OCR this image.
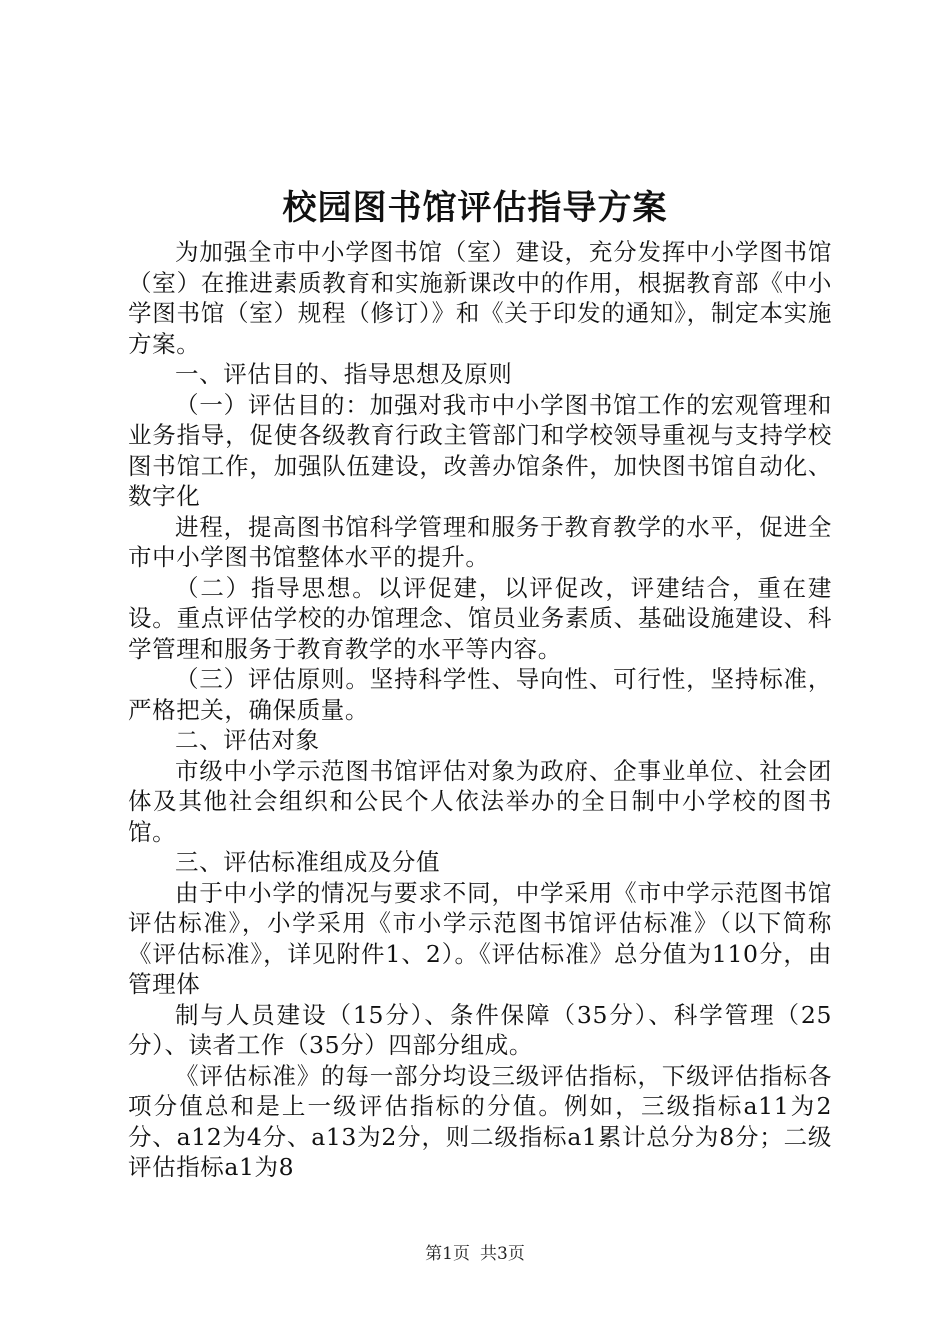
校园图书馆评估指导方案

为加强全市中小学图书馆（室）建设，充分发挥中小学图书馆（室）在推进素质教育和实施新课改中的作用，根据教育部《中小学图书馆（室）规程（修订）》和《关于印发的通知》，制定本实施方案。

一、评估目的、指导思想及原则

（一）评估目的：加强对我市中小学图书馆工作的宏观管理和业务指导，促使各级教育行政主管部门和学校领导重视与支持学校图书馆工作，加强队伍建设，改善办馆条件，加快图书馆自动化、数字化

进程，提高图书馆科学管理和服务于教育教学的水平，促进全市中小学图书馆整体水平的提升。

（二）指导思想。以评促建，以评促改，评建结合，重在建设。重点评估学校的办馆理念、馆员业务素质、基础设施建设、科学管理和服务于教育教学的水平等内容。

（三）评估原则。坚持科学性、导向性、可行性，坚持标准，严格把关，确保质量。

二、评估对象

市级中小学示范图书馆评估对象为政府、企事业单位、社会团体及其他社会组织和公民个人依法举办的全日制中小学校的图书馆。

三、评估标准组成及分值

由于中小学的情况与要求不同，中学采用《市中学示范图书馆评估标准》，小学采用《市小学示范图书馆评估标准》（以下简称《评估标准》，详见附件1、2）。《评估标准》总分值为110分，由管理体

制与人员建设（15分）、条件保障（35分）、科学管理（25分）、读者工作（35分）四部分组成。

《评估标准》的每一部分均设三级评估指标，下级评估指标各项分值总和是上一级评估指标的分值。例如，三级指标a11为2分、a12为4分、a13为2分，则二级指标a1累计总分为8分；二级评估指标a1为8

第1页 共3页
